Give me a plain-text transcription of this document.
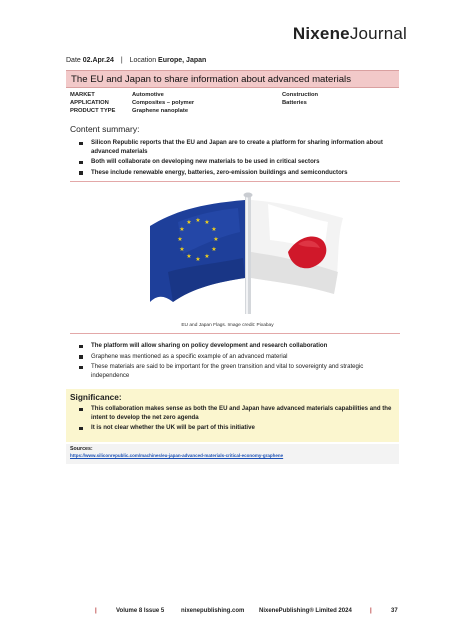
NixeneJournal
Date 02.Apr.24 | Location Europe, Japan
The EU and Japan to share information about advanced materials
MARKET	Automotive	Construction
APPLICATION	Composites – polymer	Batteries
PRODUCT TYPE	Graphene nanoplate
Content summary:
Silicon Republic reports that the EU and Japan are to create a platform for sharing information about advanced materials
Both will collaborate on developing new materials to be used in critical sectors
These include renewable energy, batteries, zero-emission buildings and semiconductors
★ ★
★
★
★
★
★
★
★
★
★
★
EU and Japan Flags. Image credit: Pixabay
The platform will allow sharing on policy development and research collaboration
Graphene was mentioned as a specific example of an advanced material
These materials are said to be important for the green transition and vital to sovereignty and strategic independence
Significance:
This collaboration makes sense as both the EU and Japan have advanced materials capabilities and the intent to develop the net zero agenda
It is not clear whether the UK will be part of this initiative
Sources:
https://www.siliconrepublic.com/machines/eu-japan-advanced-materials-critical-economy-graphene
|	Volume 8 Issue 5	nixenepublishing.com NixenePublishing® Limited 2024	|	37
